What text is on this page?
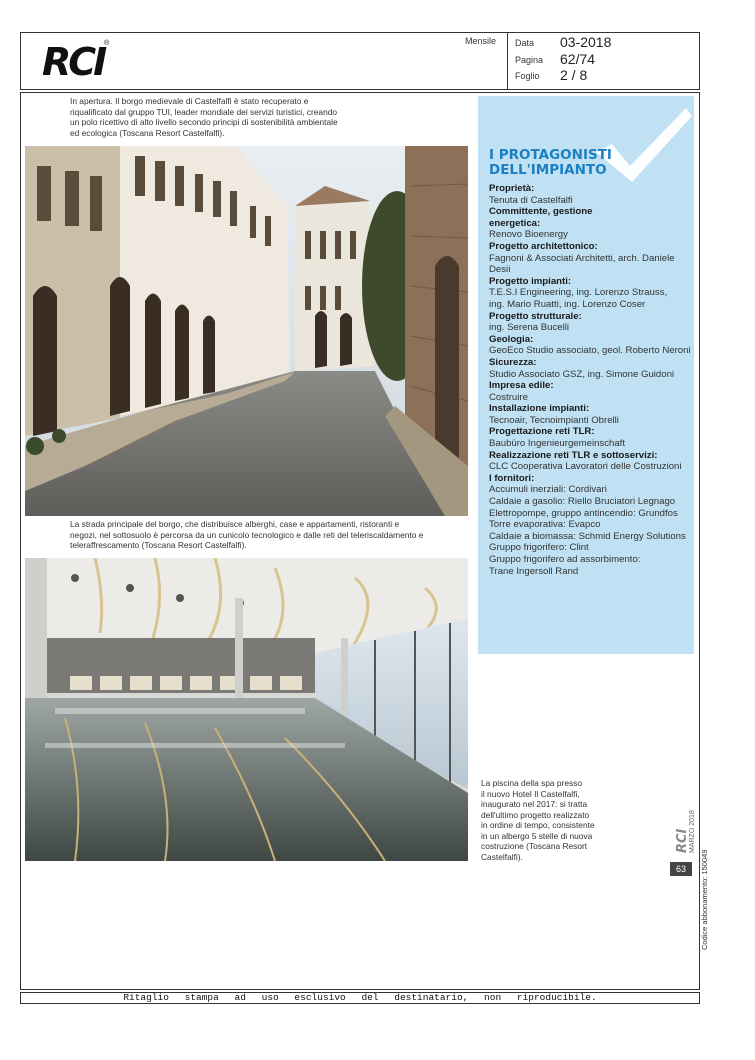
RCI ®	Mensile Data
Pagina
Foglio
03-2018
62/74
2 / 8
In apertura. Il borgo medievale di Castelfalfi è stato recuperato e
riqualificato dal gruppo TUI, leader mondiale dei servizi turistici, creando
un polo ricettivo di alto livello secondo principi di sostenibilità ambientale
ed ecologica (Toscana Resort Castelfalfi).
La strada principale del borgo, che distribuisce alberghi, case e appartamenti, ristoranti e
negozi, nel sottosuolo è percorsa da un cunicolo tecnologico e dalle reti del teleriscaldamento e
teleraffrescamento (Toscana Resort Castelfalfi).
La piscina della spa presso
il nuovo Hotel Il Castelfalfi,
inaugurato nel 2017: si tratta
dell'ultimo progetto realizzato
in ordine di tempo, consistente
in un albergo 5 stelle di nuova
costruzione (Toscana Resort
Castelfalfi).
I PROTAGONISTI
DELL'IMPIANTO
Proprietà:
Tenuta di Castelfalfi
Committente, gestione
energetica:
Renovo Bioenergy
Progetto architettonico:
Fagnoni & Associati Architetti, arch. Daniele
Desii
Progetto impianti:
T.E.S.I Engineering, ing. Lorenzo Strauss,
ing. Mario Ruatti, ing. Lorenzo Coser
Progetto strutturale:
ing. Serena Bucelli
Geologia:
GeoEco Studio associato, geol. Roberto Neroni
Sicurezza:
Studio Associato GSZ, ing. Simone Guidoni
Impresa edile:
Costruire
Installazione impianti:
Tecnoair, Tecnoimpianti Obrelli
Progettazione reti TLR:
Baubüro Ingenieurgemeinschaft
Realizzazione reti TLR e sottoservizi:
CLC Cooperativa Lavoratori delle Costruzioni
I fornitori:
Accumuli inerziali: Cordivari
Caldaie a gasolio: Riello Bruciatori Legnago
Elettropompe, gruppo antincendio: Grundfos
Torre evaporativa: Evapco
Caldaie a biomassa: Schmid Energy Solutions
Gruppo frigorifero: Clint
Gruppo frigorifero ad assorbimento:
Trane Ingersoll Rand
RCI MARZO 2018
63	Codice abbonamento: 150049
Ritaglio stampa ad uso esclusivo del destinatario, non riproducibile.
